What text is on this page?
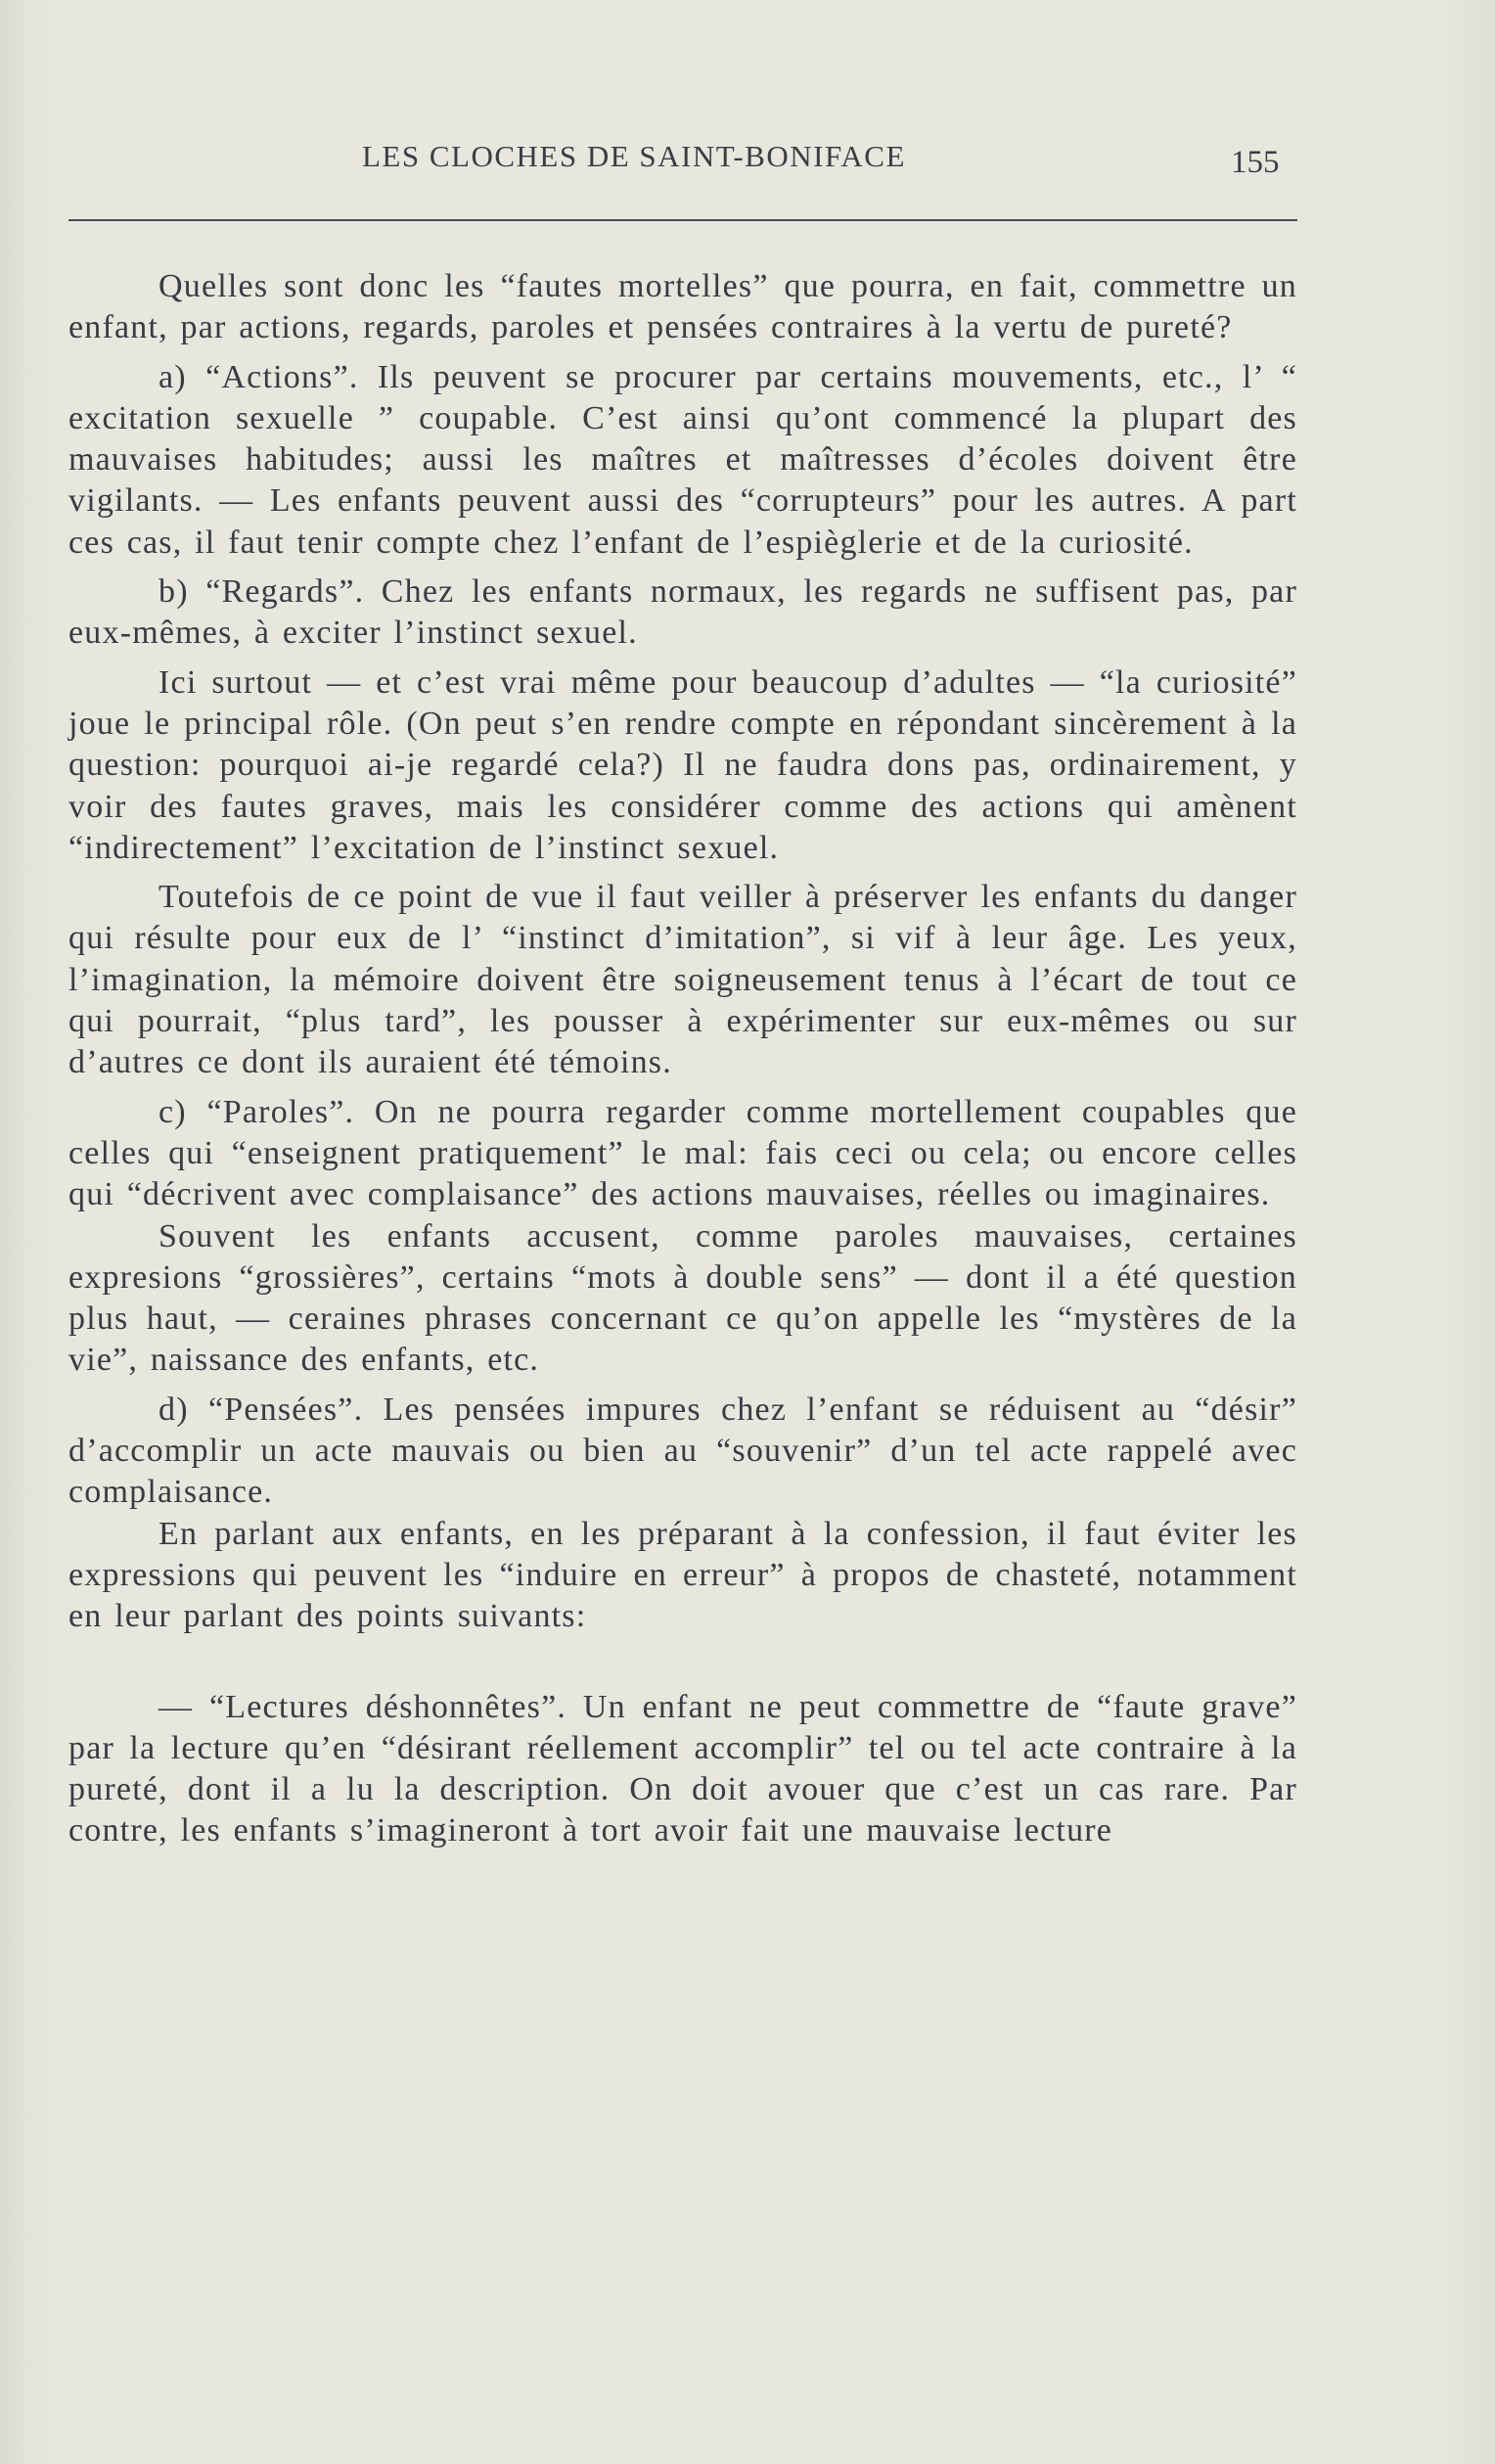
LES CLOCHES DE SAINT-BONIFACE	155

Quelles sont donc les “fautes mortelles” que pourra, en fait, commettre un enfant, par actions, regards, paroles et pensées contraires à la vertu de pureté?

a) “Actions”. Ils peuvent se procurer par certains mouvements, etc., l’ “ excitation sexuelle ” coupable. C’est ainsi qu’ont commencé la plupart des mauvaises habitudes; aussi les maîtres et maîtresses d’écoles doivent être vigilants. — Les enfants peuvent aussi des “corrupteurs” pour les autres. A part ces cas, il faut tenir compte chez l’enfant de l’espièglerie et de la curiosité.

b) “Regards”. Chez les enfants normaux, les regards ne suffisent pas, par eux-mêmes, à exciter l’instinct sexuel.

Ici surtout — et c’est vrai même pour beaucoup d’adultes — “la curiosité” joue le principal rôle. (On peut s’en rendre compte en répondant sincèrement à la question: pourquoi ai-je regardé cela?) Il ne faudra dons pas, ordinairement, y voir des fautes graves, mais les considérer comme des actions qui amènent “indirectement” l’excitation de l’instinct sexuel.

Toutefois de ce point de vue il faut veiller à préserver les enfants du danger qui résulte pour eux de l’ “instinct d’imitation”, si vif à leur âge. Les yeux, l’imagination, la mémoire doivent être soigneusement tenus à l’écart de tout ce qui pourrait, “plus tard”, les pousser à expérimenter sur eux-mêmes ou sur d’autres ce dont ils auraient été témoins.

c) “Paroles”. On ne pourra regarder comme mortellement coupables que celles qui “enseignent pratiquement” le mal: fais ceci ou cela; ou encore celles qui “décrivent avec complaisance” des actions mauvaises, réelles ou imaginaires.

Souvent les enfants accusent, comme paroles mauvaises, certaines expresions “grossières”, certains “mots à double sens” — dont il a été question plus haut, — ceraines phrases concernant ce qu’on appelle les “mystères de la vie”, naissance des enfants, etc.

d) “Pensées”. Les pensées impures chez l’enfant se réduisent au “désir” d’accomplir un acte mauvais ou bien au “souvenir” d’un tel acte rappelé avec complaisance.

En parlant aux enfants, en les préparant à la confession, il faut éviter les expressions qui peuvent les “induire en erreur” à propos de chasteté, notamment en leur parlant des points suivants:

— “Lectures déshonnêtes”. Un enfant ne peut commettre de “faute grave” par la lecture qu’en “désirant réellement accomplir” tel ou tel acte contraire à la pureté, dont il a lu la description. On doit avouer que c’est un cas rare. Par contre, les enfants s’imagineront à tort avoir fait une mauvaise lecture
